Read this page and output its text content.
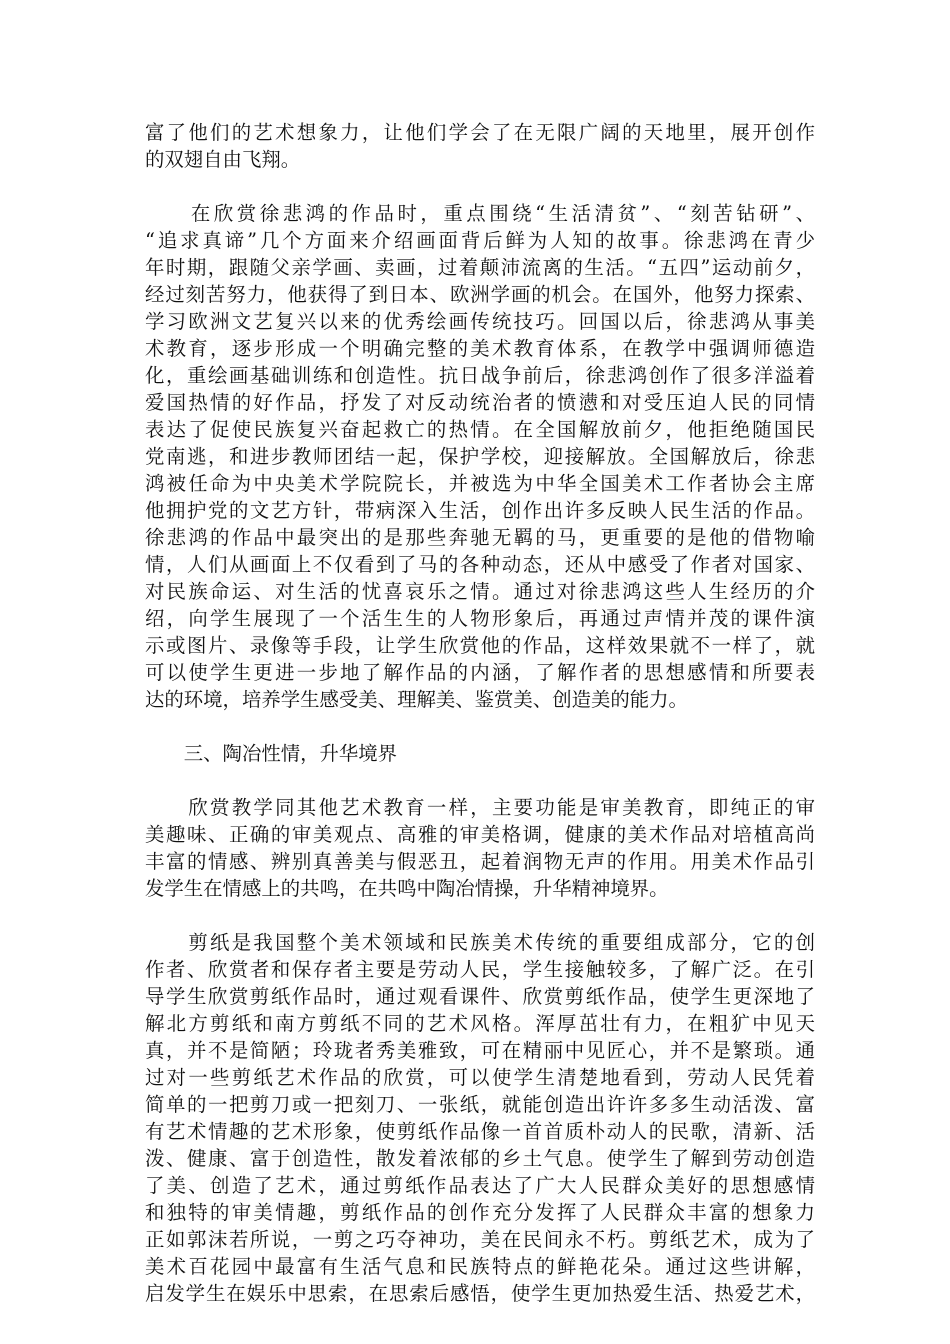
富了他们的艺术想象力，让他们学会了在无限广阔的天地里，展开创作
的双翅自由飞翔。
　　在欣赏徐悲鸿的作品时，重点围绕“生活清贫”、“刻苦钻研”、
“追求真谛”几个方面来介绍画面背后鲜为人知的故事。徐悲鸿在青少
年时期，跟随父亲学画、卖画，过着颠沛流离的生活。“五四”运动前夕，
经过刻苦努力，他获得了到日本、欧洲学画的机会。在国外，他努力探索、
学习欧洲文艺复兴以来的优秀绘画传统技巧。回国以后，徐悲鸿从事美
术教育，逐步形成一个明确完整的美术教育体系，在教学中强调师德造
化，重绘画基础训练和创造性。抗日战争前后，徐悲鸿创作了很多洋溢着
爱国热情的好作品，抒发了对反动统治者的愤懑和对受压迫人民的同情
表达了促使民族复兴奋起救亡的热情。在全国解放前夕，他拒绝随国民
党南逃，和进步教师团结一起，保护学校，迎接解放。全国解放后，徐悲
鸿被任命为中央美术学院院长，并被选为中华全国美术工作者协会主席
他拥护党的文艺方针，带病深入生活，创作出许多反映人民生活的作品。
徐悲鸿的作品中最突出的是那些奔驰无羁的马，更重要的是他的借物喻
情，人们从画面上不仅看到了马的各种动态，还从中感受了作者对国家、
对民族命运、对生活的忧喜哀乐之情。通过对徐悲鸿这些人生经历的介
绍，向学生展现了一个活生生的人物形象后，再通过声情并茂的课件演
示或图片、录像等手段，让学生欣赏他的作品，这样效果就不一样了，就
可以使学生更进一步地了解作品的内涵，了解作者的思想感情和所要表
达的环境，培养学生感受美、理解美、鉴赏美、创造美的能力。
　　三、陶冶性情，升华境界
　　欣赏教学同其他艺术教育一样，主要功能是审美教育，即纯正的审
美趣味、正确的审美观点、高雅的审美格调，健康的美术作品对培植高尚
丰富的情感、辨别真善美与假恶丑，起着润物无声的作用。用美术作品引
发学生在情感上的共鸣，在共鸣中陶冶情操，升华精神境界。
　　剪纸是我国整个美术领域和民族美术传统的重要组成部分，它的创
作者、欣赏者和保存者主要是劳动人民，学生接触较多，了解广泛。在引
导学生欣赏剪纸作品时，通过观看课件、欣赏剪纸作品，使学生更深地了
解北方剪纸和南方剪纸不同的艺术风格。浑厚茁壮有力，在粗犷中见天
真，并不是简陋；玲珑者秀美雅致，可在精丽中见匠心，并不是繁琐。通
过对一些剪纸艺术作品的欣赏，可以使学生清楚地看到，劳动人民凭着
简单的一把剪刀或一把刻刀、一张纸，就能创造出许许多多生动活泼、富
有艺术情趣的艺术形象，使剪纸作品像一首首质朴动人的民歌，清新、活
泼、健康、富于创造性，散发着浓郁的乡土气息。使学生了解到劳动创造
了美、创造了艺术，通过剪纸作品表达了广大人民群众美好的思想感情
和独特的审美情趣，剪纸作品的创作充分发挥了人民群众丰富的想象力
正如郭沫若所说，一剪之巧夺神功，美在民间永不朽。剪纸艺术，成为了
美术百花园中最富有生活气息和民族特点的鲜艳花朵。通过这些讲解，
启发学生在娱乐中思索，在思索后感悟，使学生更加热爱生活、热爱艺术，
